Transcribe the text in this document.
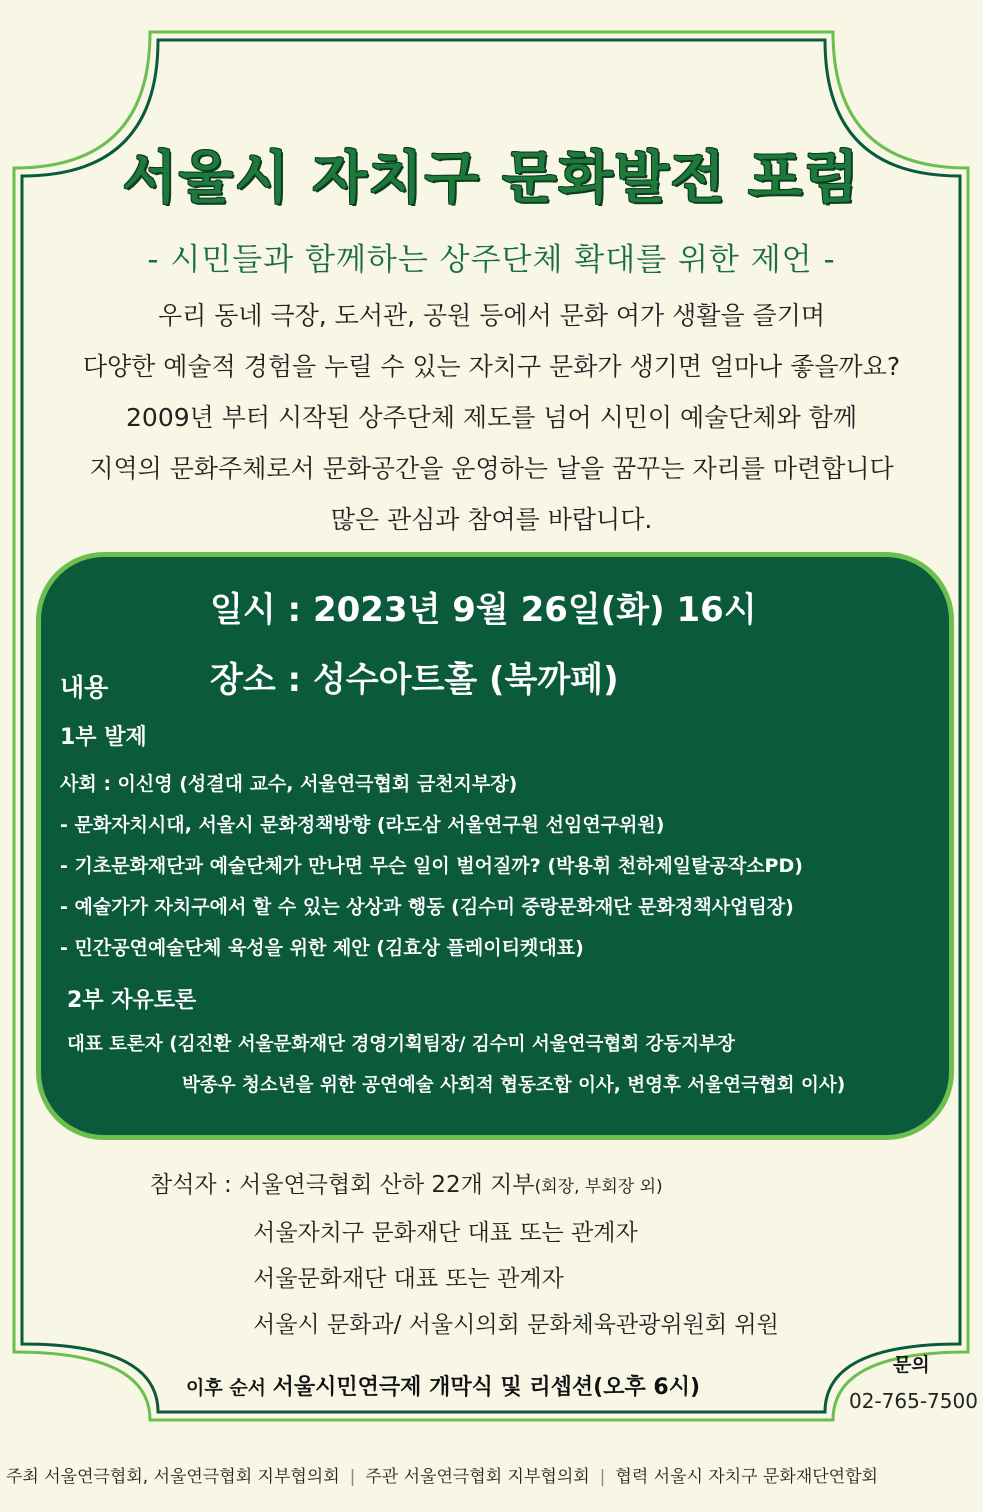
서울시 자치구 문화발전 포럼
- 시민들과 함께하는 상주단체 확대를 위한 제언 -
우리 동네 극장, 도서관, 공원 등에서 문화 여가 생활을 즐기며
다양한 예술적 경험을 누릴 수 있는 자치구 문화가 생기면 얼마나 좋을까요?
2009년 부터 시작된 상주단체 제도를 넘어 시민이 예술단체와 함께
지역의 문화주체로서 문화공간을 운영하는 날을 꿈꾸는 자리를 마련합니다
많은 관심과 참여를 바랍니다.
일시 : 2023년 9월 26일(화) 16시
장소 : 성수아트홀 (북까페)
내용
1부 발제
사회 : 이신영 (성결대 교수, 서울연극협회 금천지부장)
- 문화자치시대, 서울시 문화정책방향 (라도삼 서울연구원 선임연구위원)
- 기초문화재단과 예술단체가 만나면 무슨 일이 벌어질까? (박용휘 천하제일탈공작소PD)
- 예술가가 자치구에서 할 수 있는 상상과 행동 (김수미 중랑문화재단 문화정책사업팀장)
- 민간공연예술단체 육성을 위한 제안 (김효상 플레이티켓대표)
2부 자유토론
대표 토론자 (김진환 서울문화재단 경영기획팀장/ 김수미 서울연극협회 강동지부장
박종우 청소년을 위한 공연예술 사회적 협동조합 이사, 변영후 서울연극협회 이사)
참석자 : 서울연극협회 산하 22개 지부(회장, 부회장 외)
서울자치구 문화재단 대표 또는 관계자
서울문화재단 대표 또는 관계자
서울시 문화과/ 서울시의회 문화체육관광위원회 위원
이후 순서 서울시민연극제 개막식 및 리셉션(오후 6시)
문의
02-765-7500
주최 서울연극협회, 서울연극협회 지부협의회 | 주관 서울연극협회 지부협의회 | 협력 서울시 자치구 문화재단연합회
